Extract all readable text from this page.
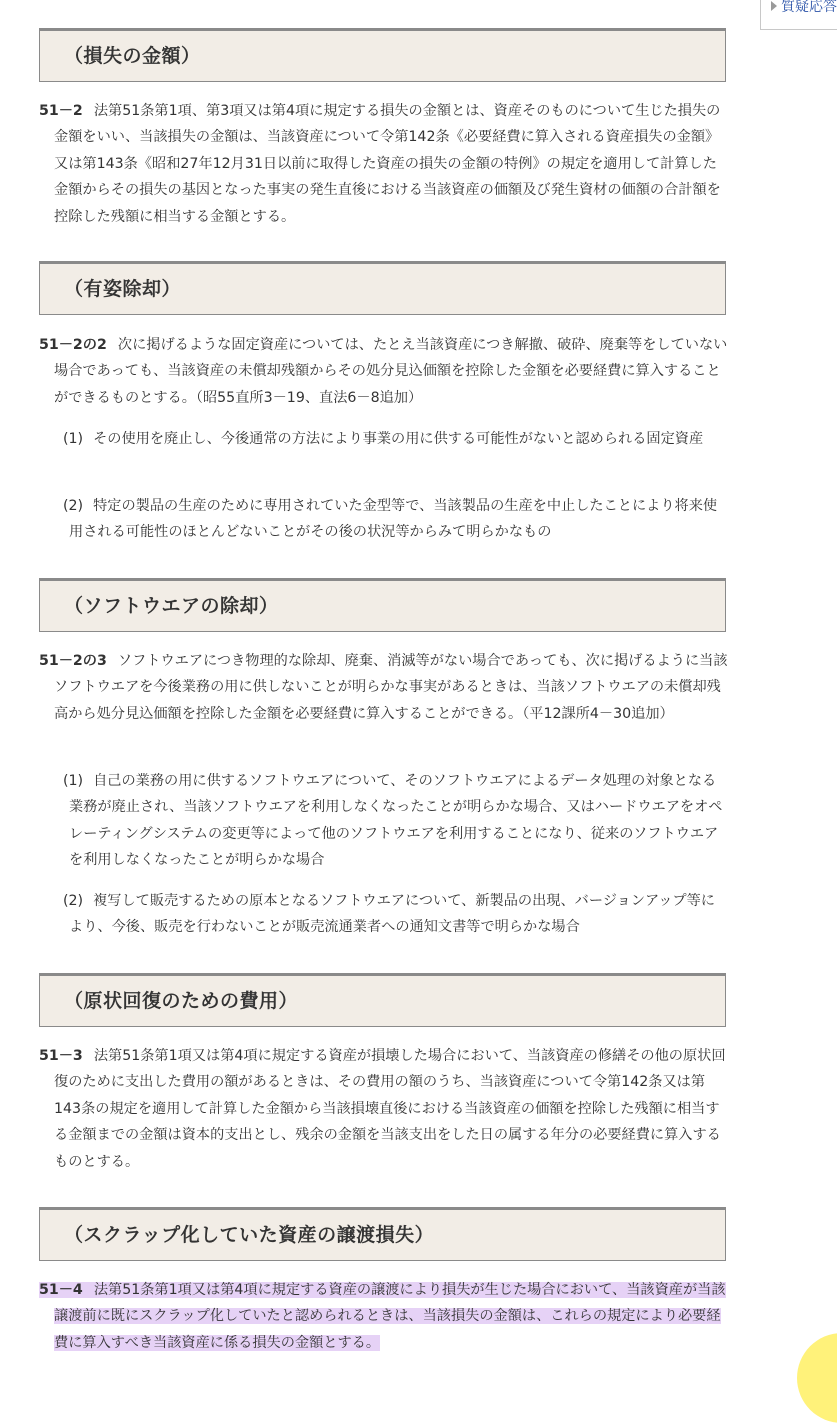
質疑応答
（損失の金額）
51－2 法第51条第1項、第3項又は第4項に規定する損失の金額とは、資産そのものについて生じた損失の金額をいい、当該損失の金額は、当該資産について令第142条《必要経費に算入される資産損失の金額》又は第143条《昭和27年12月31日以前に取得した資産の損失の金額の特例》の規定を適用して計算した金額からその損失の基因となった事実の発生直後における当該資産の価額及び発生資材の価額の合計額を控除した残額に相当する金額とする。
（有姿除却）
51－2の2 次に掲げるような固定資産については、たとえ当該資産につき解撤、破砕、廃棄等をしていない場合であっても、当該資産の未償却残額からその処分見込価額を控除した金額を必要経費に算入することができるものとする。（昭55直所3－19、直法6－8追加）
(1) その使用を廃止し、今後通常の方法により事業の用に供する可能性がないと認められる固定資産
(2) 特定の製品の生産のために専用されていた金型等で、当該製品の生産を中止したことにより将来使用される可能性のほとんどないことがその後の状況等からみて明らかなもの
（ソフトウエアの除却）
51－2の3 ソフトウエアにつき物理的な除却、廃棄、消滅等がない場合であっても、次に掲げるように当該ソフトウエアを今後業務の用に供しないことが明らかな事実があるときは、当該ソフトウエアの未償却残高から処分見込価額を控除した金額を必要経費に算入することができる。（平12課所4－30追加）
(1) 自己の業務の用に供するソフトウエアについて、そのソフトウエアによるデータ処理の対象となる業務が廃止され、当該ソフトウエアを利用しなくなったことが明らかな場合、又はハードウエアをオペレーティングシステムの変更等によって他のソフトウエアを利用することになり、従来のソフトウエアを利用しなくなったことが明らかな場合
(2) 複写して販売するための原本となるソフトウエアについて、新製品の出現、バージョンアップ等により、今後、販売を行わないことが販売流通業者への通知文書等で明らかな場合
（原状回復のための費用）
51－3 法第51条第1項又は第4項に規定する資産が損壊した場合において、当該資産の修繕その他の原状回復のために支出した費用の額があるときは、その費用の額のうち、当該資産について令第142条又は第143条の規定を適用して計算した金額から当該損壊直後における当該資産の価額を控除した残額に相当する金額までの金額は資本的支出とし、残余の金額を当該支出をした日の属する年分の必要経費に算入するものとする。
（スクラップ化していた資産の譲渡損失）
51－4 法第51条第1項又は第4項に規定する資産の譲渡により損失が生じた場合において、当該資産が当該譲渡前に既にスクラップ化していたと認められるときは、当該損失の金額は、これらの規定により必要経費に算入すべき当該資産に係る損失の金額とする。
